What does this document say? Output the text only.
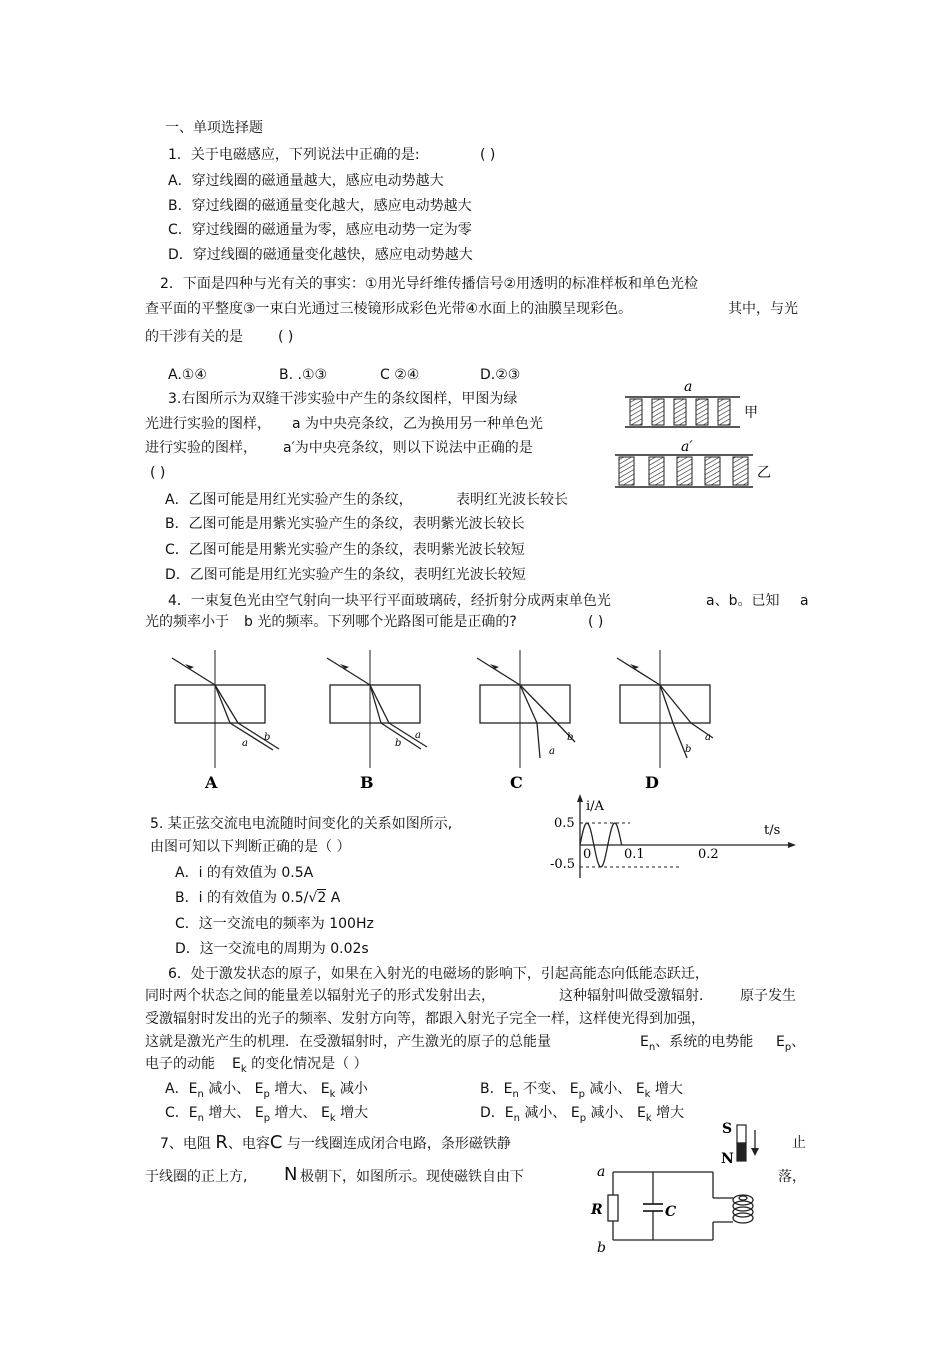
一、单项选择题
1．关于电磁感应，下列说法中正确的是:	( )
A．穿过线圈的磁通量越大，感应电动势越大
B．穿过线圈的磁通量变化越大，感应电动势越大
C．穿过线圈的磁通量为零，感应电动势一定为零
D．穿过线圈的磁通量变化越快，感应电动势越大
2．下面是四种与光有关的事实：①用光导纤维传播信号②用透明的标准样板和单色光检
查平面的平整度③一束白光通过三棱镜形成彩色光带④水面上的油膜呈现彩色。	其中，与光
的干涉有关的是	( )
A.①④	B. .①③	C ②④	D.②③
3.右图所示为双缝干涉实验中产生的条纹图样，甲图为绿
光进行实验的图样， a 为中央亮条纹，乙为换用另一种单色光
进行实验的图样， a′为中央亮条纹，则以下说法中正确的是
( )
A．乙图可能是用红光实验产生的条纹，	表明红光波长较长
B．乙图可能是用紫光实验产生的条纹，表明紫光波长较长
C．乙图可能是用紫光实验产生的条纹，表明紫光波长较短
D．乙图可能是用红光实验产生的条纹，表明红光波长较短
a
甲
a′
乙
4．一束复色光由空气射向一块平行平面玻璃砖，经折射分成两束单色光	a、b。已知 a
光的频率小于 b 光的频率。下列哪个光路图可能是正确的?	( )
a
b
A
b
a
B
a
b
C
b
a
D
5. 某正弦交流电电流随时间变化的关系如图所示,
由图可知以下判断正确的是（ ）
A．i 的有效值为 0.5A
B．i 的有效值为 0.5/√2 A
C．这一交流电的频率为 100Hz
D．这一交流电的周期为 0.02s
i/A
t/s
0.5
-0.5
0	0.1	0.2
6．处于激发状态的原子，如果在入射光的电磁场的影响下，引起高能态向低能态跃迁，
同时两个状态之间的能量差以辐射光子的形式发射出去，	这种辐射叫做受激辐射． 原子发生
受激辐射时发出的光子的频率、发射方向等，都跟入射光子完全一样，这样使光得到加强，
这就是激光产生的机理．在受激辐射时，产生激光的原子的总能量	$E_n$、系统的电势能 $E_p$、
电子的动能 $E_k$ 的变化情况是（ ）
A．$E_n$ 减小、 $E_p$ 增大、 $E_k$ 减小	B．$E_n$ 不变、 $E_p$ 减小、 $E_k$ 增大
C．$E_n$ 增大、 $E_p$ 增大、 $E_k$ 增大	D．$E_n$ 减小、 $E_p$ 减小、 $E_k$ 增大
7、电阻 R、电容C 与一线圈连成闭合电路，条形磁铁静	止
于线圈的正上方, N 极朝下，如图所示。现使磁铁自由下	落，
S
N
a
b
R	C
